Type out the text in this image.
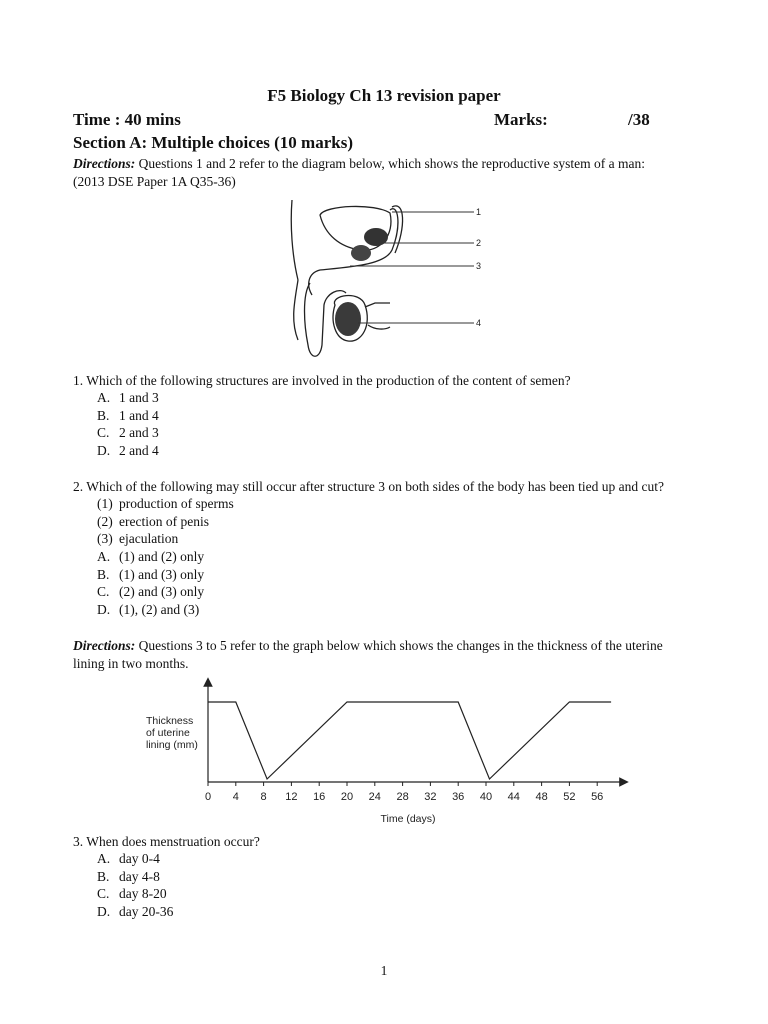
F5 Biology Ch 13 revision paper
Time : 40 mins	Marks:	/38
Section A: Multiple choices (10 marks)
Directions: Questions 1 and 2 refer to the diagram below, which shows the reproductive system of a man:
(2013 DSE Paper 1A Q35-36)
1
2
3
4
1. Which of the following structures are involved in the production of the content of semen?
A. 1 and 3
B. 1 and 4
C. 2 and 3
D. 2 and 4
2. Which of the following may still occur after structure 3 on both sides of the body has been tied up and cut?
(1) production of sperms
(2) erection of penis
(3) ejaculation
A. (1) and (2) only
B. (1) and (3) only
C. (2) and (3) only
D. (1), (2) and (3)
Directions: Questions 3 to 5 refer to the graph below which shows the changes in the thickness of the uterine
lining in two months.
Thickness
of uterine
lining (mm)
Time (days)
0 4 8 12 16 20 24 28 32 36 40 44 48 52 56
3. When does menstruation occur?
A. day 0-4
B. day 4-8
C. day 8-20
D. day 20-36
1
